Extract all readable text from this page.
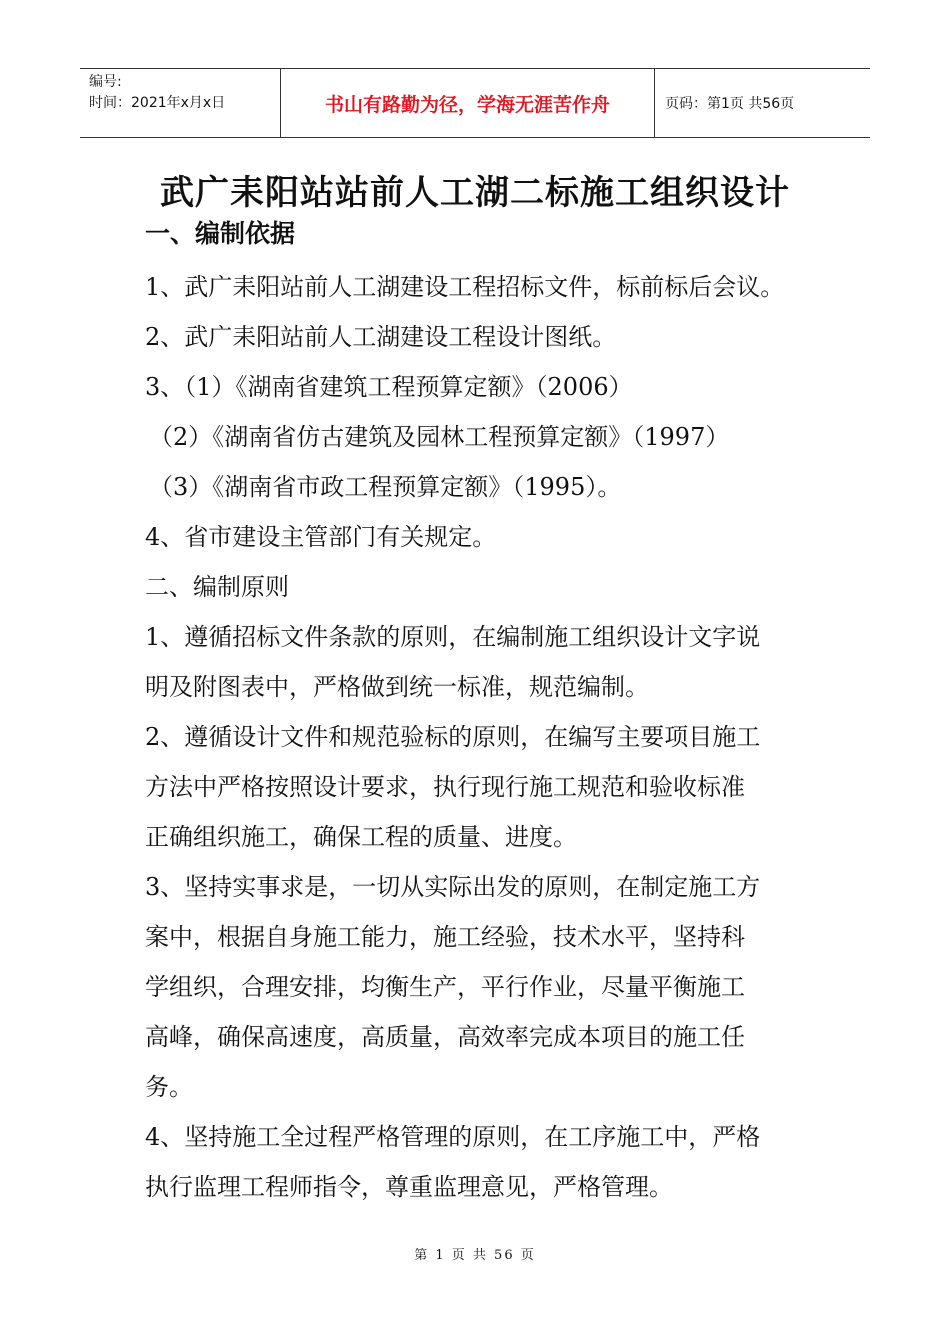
编号:
时间：2021年x月x日	书山有路勤为径，学海无涯苦作舟	页码：第1页 共56页
武广耒阳站站前人工湖二标施工组织设计
一、编制依据

1、武广耒阳站前人工湖建设工程招标文件，标前标后会议。

2、武广耒阳站前人工湖建设工程设计图纸。

3、（1）《湖南省建筑工程预算定额》（2006）

（2）《湖南省仿古建筑及园林工程预算定额》（1997）

（3）《湖南省市政工程预算定额》（1995）。

4、省市建设主管部门有关规定。

二、编制原则

1、遵循招标文件条款的原则，在编制施工组织设计文字说

明及附图表中，严格做到统一标准，规范编制。

2、遵循设计文件和规范验标的原则，在编写主要项目施工

方法中严格按照设计要求，执行现行施工规范和验收标准

正确组织施工，确保工程的质量、进度。

3、坚持实事求是，一切从实际出发的原则，在制定施工方

案中，根据自身施工能力，施工经验，技术水平，坚持科

学组织，合理安排，均衡生产，平行作业，尽量平衡施工

高峰，确保高速度，高质量，高效率完成本项目的施工任

务。

4、坚持施工全过程严格管理的原则，在工序施工中，严格

执行监理工程师指令，尊重监理意见，严格管理。

第 1 页 共 56 页
